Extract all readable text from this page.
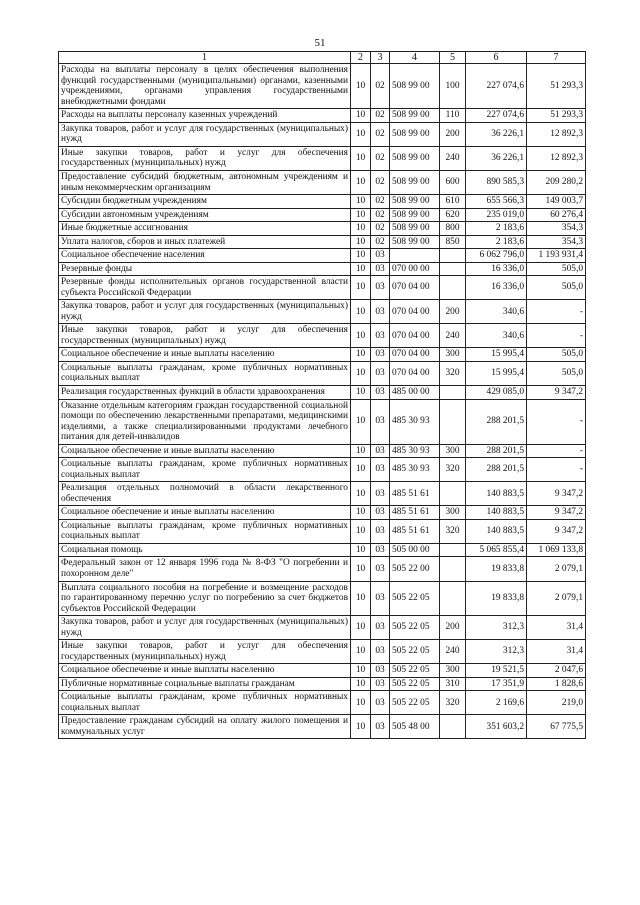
51
1	2	3	4	5	6	7
Расходы на выплаты персоналу в целях обеспечения выполнения функций государственными (муниципальными) органами, казенными учреждениями, органами управления государственными внебюджетными фондами	10	02	508 99 00	100	227 074,6	51 293,3
Расходы на выплаты персоналу казенных учреждений	10	02	508 99 00	110	227 074,6	51 293,3
Закупка товаров, работ и услуг для государственных (муниципальных) нужд	10	02	508 99 00	200	36 226,1	12 892,3
Иные закупки товаров, работ и услуг для обеспечения государственных (муниципальных) нужд	10	02	508 99 00	240	36 226,1	12 892,3
Предоставление субсидий бюджетным, автономным учреждениям и иным некоммерческим организациям	10	02	508 99 00	600	890 585,3	209 280,2
Субсидии бюджетным учреждениям	10	02	508 99 00	610	655 566,3	149 003,7
Субсидии автономным учреждениям	10	02	508 99 00	620	235 019,0	60 276,4
Иные бюджетные ассигнования	10	02	508 99 00	800	2 183,6	354,3
Уплата налогов, сборов и иных платежей	10	02	508 99 00	850	2 183,6	354,3
Социальное обеспечение населения	10	03			6 062 796,0	1 193 931,4
Резервные фонды	10	03	070 00 00		16 336,0	505,0
Резервные фонды исполнительных органов государственной власти субъекта Российской Федерации	10	03	070 04 00		16 336,0	505,0
Закупка товаров, работ и услуг для государственных (муниципальных) нужд	10	03	070 04 00	200	340,6	-
Иные закупки товаров, работ и услуг для обеспечения государственных (муниципальных) нужд	10	03	070 04 00	240	340,6	-
Социальное обеспечение и иные выплаты населению	10	03	070 04 00	300	15 995,4	505,0
Социальные выплаты гражданам, кроме публичных нормативных социальных выплат	10	03	070 04 00	320	15 995,4	505,0
Реализация государственных функций в области здравоохранения	10	03	485 00 00		429 085,0	9 347,2
Оказание отдельным категориям граждан государственной социальной помощи по обеспечению лекарственными препаратами, медицинскими изделиями, а также специализированными продуктами лечебного питания для детей-инвалидов	10	03	485 30 93		288 201,5	-
Социальное обеспечение и иные выплаты населению	10	03	485 30 93	300	288 201,5	-
Социальные выплаты гражданам, кроме публичных нормативных социальных выплат	10	03	485 30 93	320	288 201,5	-
Реализация отдельных полномочий в области лекарственного обеспечения	10	03	485 51 61		140 883,5	9 347,2
Социальное обеспечение и иные выплаты населению	10	03	485 51 61	300	140 883,5	9 347,2
Социальные выплаты гражданам, кроме публичных нормативных социальных выплат	10	03	485 51 61	320	140 883,5	9 347,2
Социальная помощь	10	03	505 00 00		5 065 855,4	1 069 133,8
Федеральный закон от 12 января 1996 года № 8-ФЗ "О погребении и похоронном деле"	10	03	505 22 00		19 833,8	2 079,1
Выплата социального пособия на погребение и возмещение расходов по гарантированному перечню услуг по погребению за счет бюджетов субъектов Российской Федерации	10	03	505 22 05		19 833,8	2 079,1
Закупка товаров, работ и услуг для государственных (муниципальных) нужд	10	03	505 22 05	200	312,3	31,4
Иные закупки товаров, работ и услуг для обеспечения государственных (муниципальных) нужд	10	03	505 22 05	240	312,3	31,4
Социальное обеспечение и иные выплаты населению	10	03	505 22 05	300	19 521,5	2 047,6
Публичные нормативные социальные выплаты гражданам	10	03	505 22 05	310	17 351,9	1 828,6
Социальные выплаты гражданам, кроме публичных нормативных социальных выплат	10	03	505 22 05	320	2 169,6	219,0
Предоставление гражданам субсидий на оплату жилого помещения и коммунальных услуг	10	03	505 48 00		351 603,2	67 775,5
